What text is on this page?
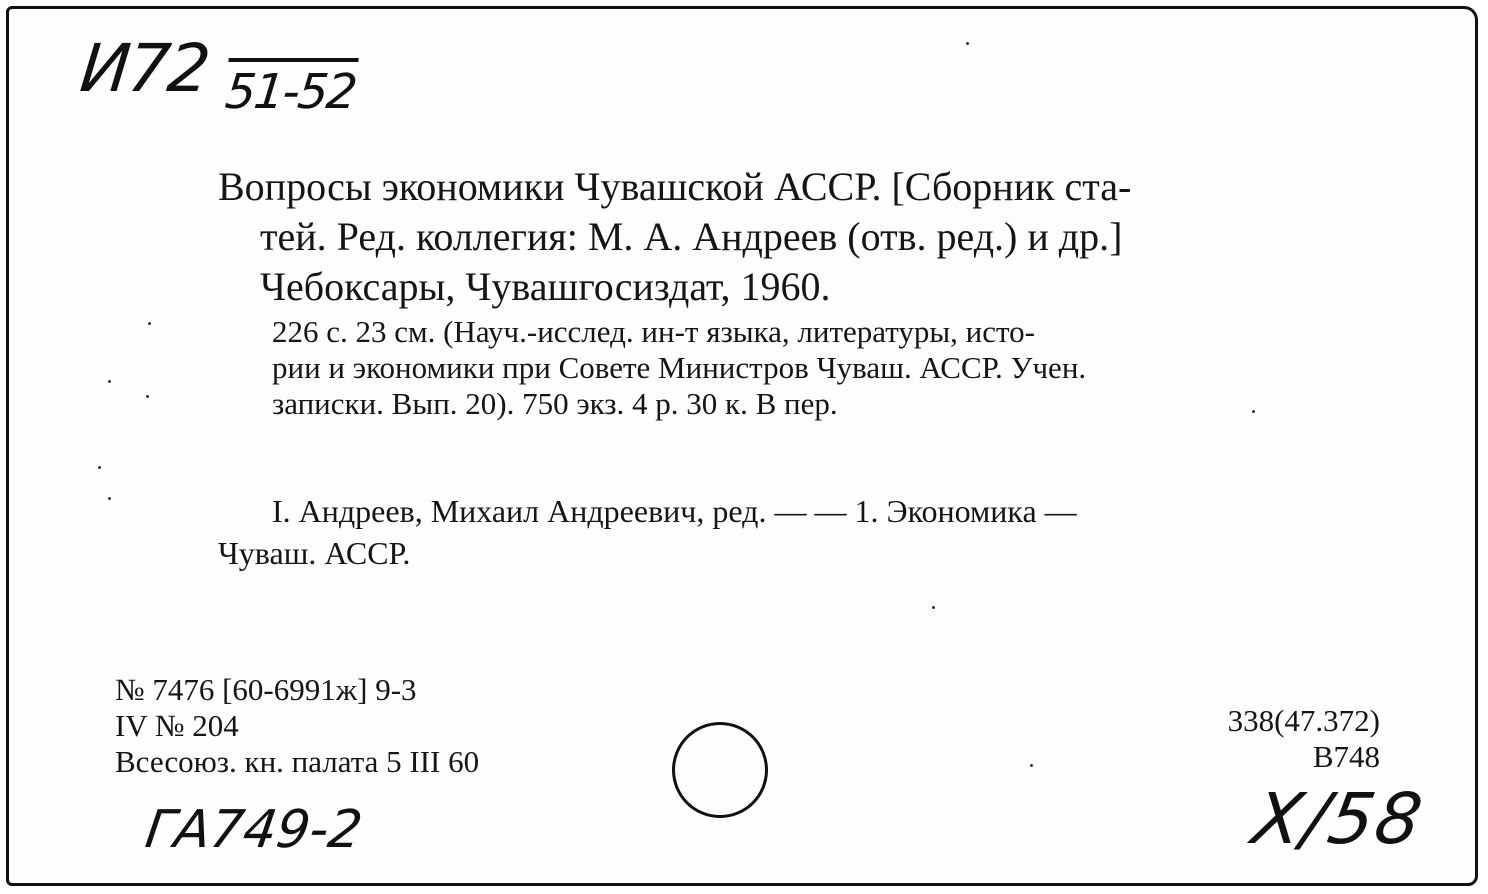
И72 51-52
Вопросы экономики Чувашской АССР. [Сборник ста-
тей. Ред. коллегия: М. А. Андреев (отв. ред.) и др.]
Чебоксары, Чувашгосиздат, 1960.
226 с. 23 см. (Науч.-исслед. ин-т языка, литературы, исто-
рии и экономики при Совете Министров Чуваш. АССР. Учен.
записки. Вып. 20). 750 экз. 4 р. 30 к. В пер.
I. Андреев, Михаил Андреевич, ред. — — 1. Экономика —
Чуваш. АССР.
№ 7476 [60-6991ж] 9-3
IV № 204
Всесоюз. кн. палата 5 III 60
338(47.372)
В748
ГА749-2	Х/58
